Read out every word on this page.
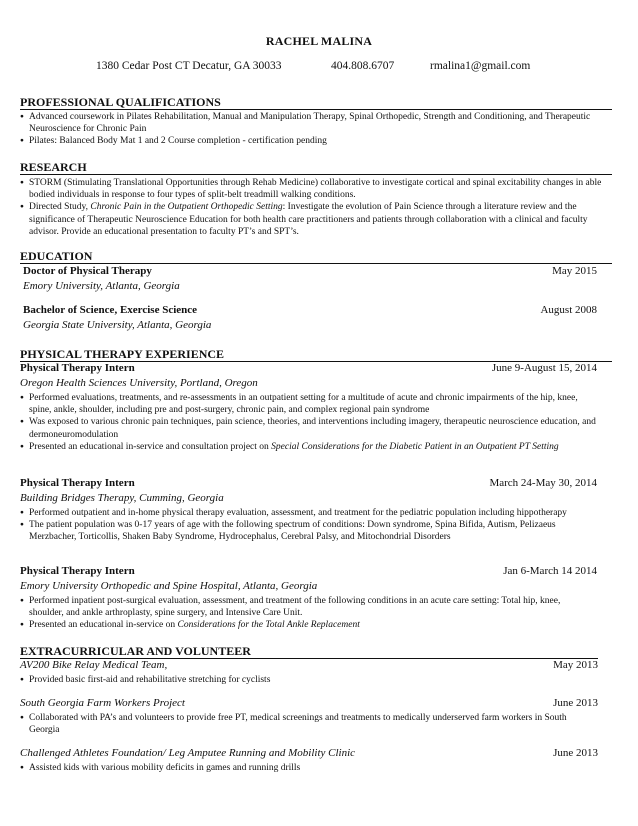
RACHEL MALINA
1380 Cedar Post CT Decatur, GA 30033	404.808.6707	rmalina1@gmail.com
PROFESSIONAL QUALIFICATIONS
● Advanced coursework in Pilates Rehabilitation, Manual and Manipulation Therapy, Spinal Orthopedic, Strength and Conditioning, and Therapeutic Neuroscience for Chronic Pain
● Pilates: Balanced Body Mat 1 and 2 Course completion - certification pending
RESEARCH
● STORM (Stimulating Translational Opportunities through Rehab Medicine) collaborative to investigate cortical and spinal excitability changes in able bodied individuals in response to four types of split-belt treadmill walking conditions.
● Directed Study, Chronic Pain in the Outpatient Orthopedic Setting: Investigate the evolution of Pain Science through a literature review and the significance of Therapeutic Neuroscience Education for both health care practitioners and patients through collaboration with a clinical and faculty advisor. Provide an educational presentation to faculty PT’s and SPT’s.
EDUCATION
Doctor of Physical Therapy	May 2015
Emory University, Atlanta, Georgia
Bachelor of Science, Exercise Science	August 2008
Georgia State University, Atlanta, Georgia
PHYSICAL THERAPY EXPERIENCE
Physical Therapy Intern	June 9-August 15, 2014
Oregon Health Sciences University, Portland, Oregon
● Performed evaluations, treatments, and re-assessments in an outpatient setting for a multitude of acute and chronic impairments of the hip, knee, spine, ankle, shoulder, including pre and post-surgery, chronic pain, and complex regional pain syndrome
● Was exposed to various chronic pain techniques, pain science, theories, and interventions including imagery, therapeutic neuroscience education, and dermoneuromodulation
● Presented an educational in-service and consultation project on Special Considerations for the Diabetic Patient in an Outpatient PT Setting
Physical Therapy Intern	March 24-May 30, 2014
Building Bridges Therapy, Cumming, Georgia
● Performed outpatient and in-home physical therapy evaluation, assessment, and treatment for the pediatric population including hippotherapy
● The patient population was 0-17 years of age with the following spectrum of conditions: Down syndrome, Spina Bifida, Autism, Pelizaeus Merzbacher, Torticollis, Shaken Baby Syndrome, Hydrocephalus, Cerebral Palsy, and Mitochondrial Disorders
Physical Therapy Intern	Jan 6-March 14 2014
Emory University Orthopedic and Spine Hospital, Atlanta, Georgia
● Performed inpatient post-surgical evaluation, assessment, and treatment of the following conditions in an acute care setting: Total hip, knee, shoulder, and ankle arthroplasty, spine surgery, and Intensive Care Unit.
● Presented an educational in-service on Considerations for the Total Ankle Replacement
EXTRACURRICULAR AND VOLUNTEER
AV200 Bike Relay Medical Team,	May 2013
● Provided basic first-aid and rehabilitative stretching for cyclists
South Georgia Farm Workers Project	June 2013
● Collaborated with PA’s and volunteers to provide free PT, medical screenings and treatments to medically underserved farm workers in South Georgia
Challenged Athletes Foundation/ Leg Amputee Running and Mobility Clinic	June 2013
● Assisted kids with various mobility deficits in games and running drills
